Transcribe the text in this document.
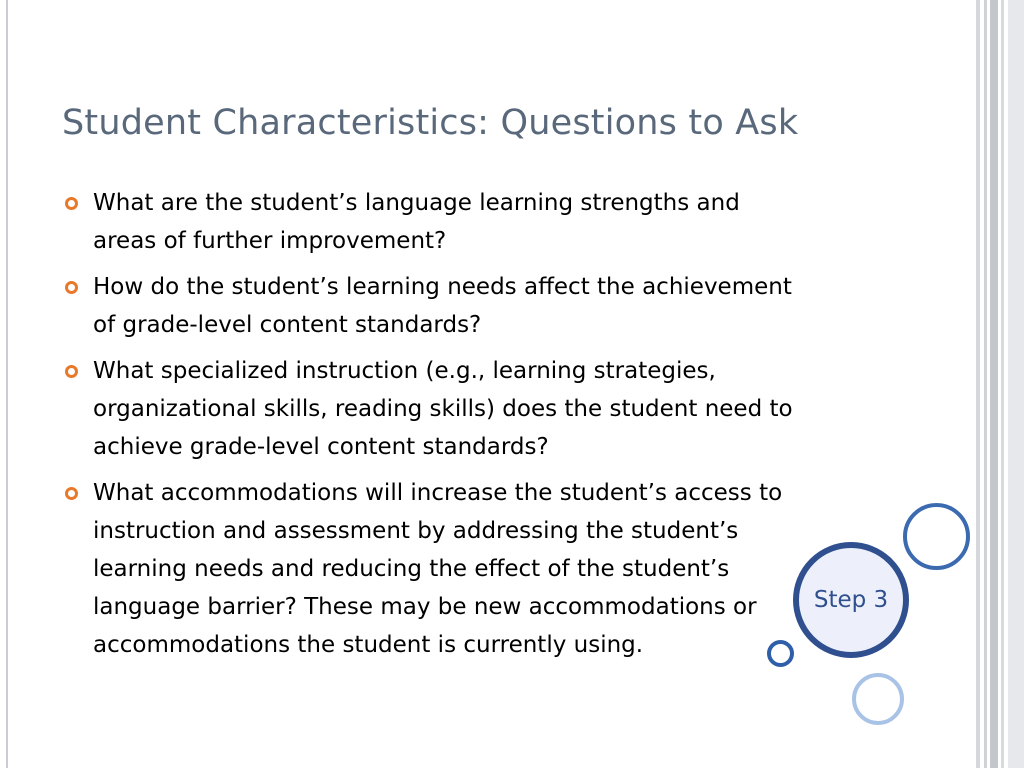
Student Characteristics: Questions to Ask
What are the student’s language learning strengths and areas of further improvement?
How do the student’s learning needs affect the achievement of grade-level content standards?
What specialized instruction (e.g., learning strategies, organizational skills, reading skills) does the student need to achieve grade-level content standards?
What accommodations will increase the student’s access to instruction and assessment by addressing the student’s learning needs and reducing the effect of the student’s language barrier? These may be new accommodations or accommodations the student is currently using.
Step 3
